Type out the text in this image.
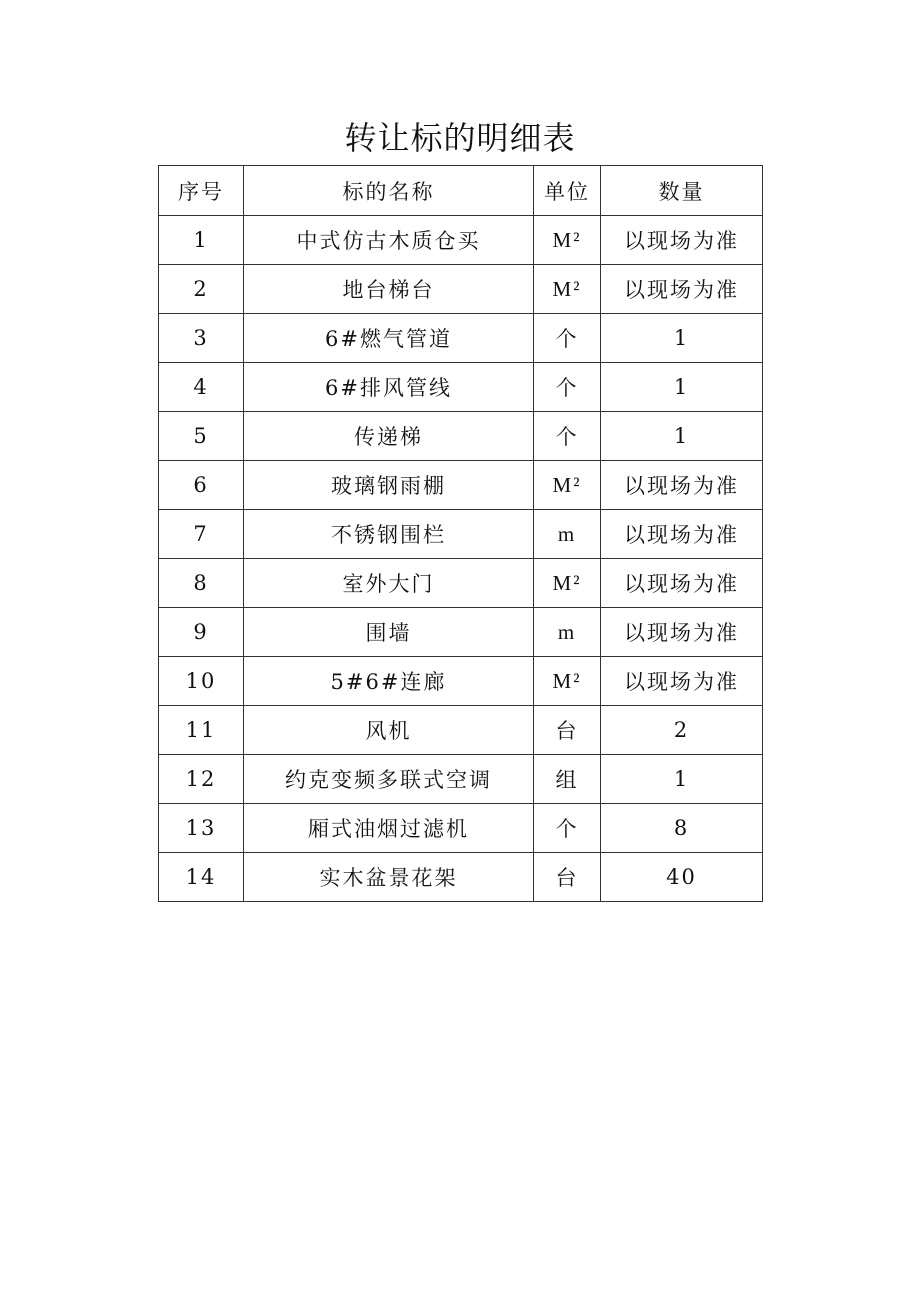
转让标的明细表
序号	标的名称	单位	数量
1	中式仿古木质仓买	M²	以现场为准
2	地台梯台	M²	以现场为准
3	6#燃气管道	个	1
4	6#排风管线	个	1
5	传递梯	个	1
6	玻璃钢雨棚	M²	以现场为准
7	不锈钢围栏	m	以现场为准
8	室外大门	M²	以现场为准
9	围墙	m	以现场为准
10	5#6#连廊	M²	以现场为准
11	风机	台	2
12	约克变频多联式空调	组	1
13	厢式油烟过滤机	个	8
14	实木盆景花架	台	40
